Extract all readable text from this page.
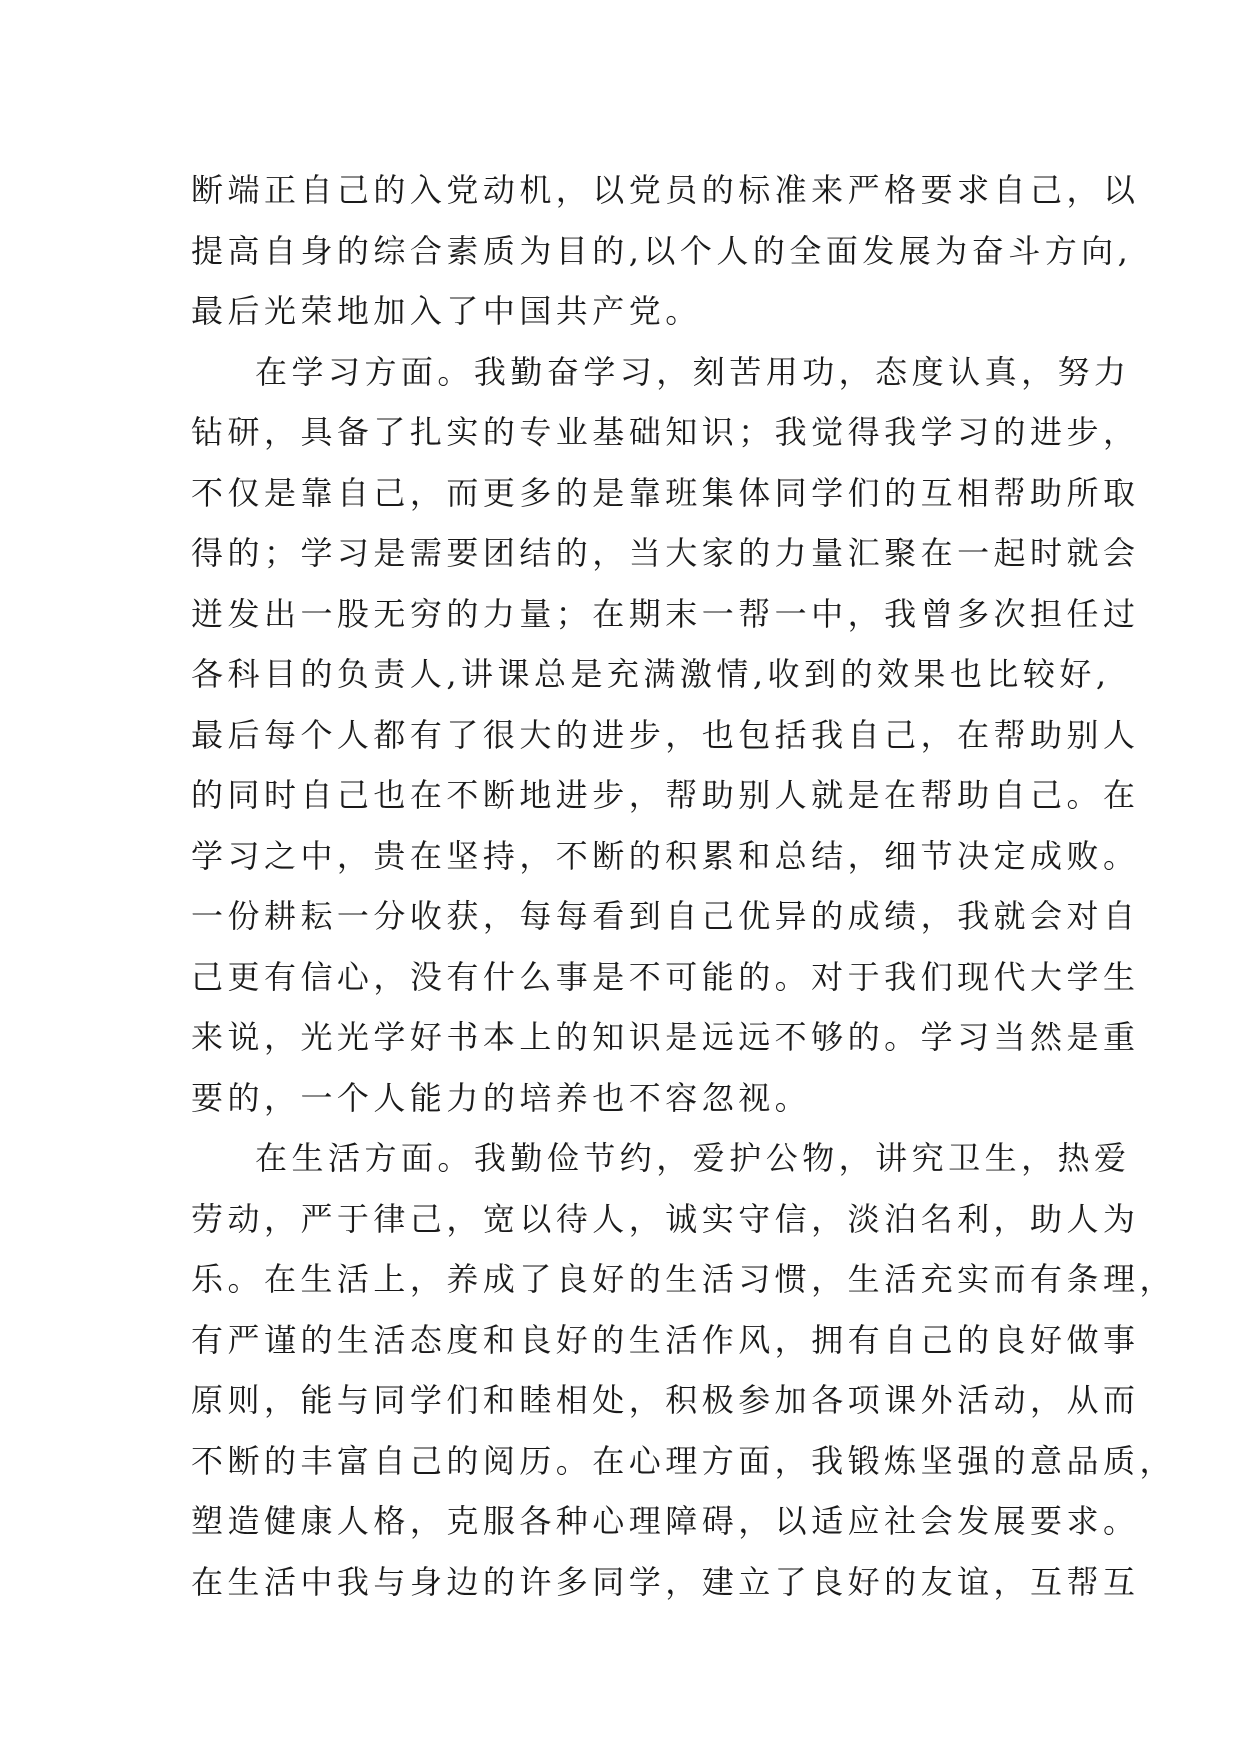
断端正自己的入党动机，以党员的标准来严格要求自己，以
提高自身的综合素质为目的,以个人的全面发展为奋斗方向,
最后光荣地加入了中国共产党。
在学习方面。我勤奋学习，刻苦用功，态度认真，努力
钻研，具备了扎实的专业基础知识；我觉得我学习的进步，
不仅是靠自己，而更多的是靠班集体同学们的互相帮助所取
得的；学习是需要团结的，当大家的力量汇聚在一起时就会
迸发出一股无穷的力量；在期末一帮一中，我曾多次担任过
各科目的负责人,讲课总是充满激情,收到的效果也比较好,
最后每个人都有了很大的进步，也包括我自己，在帮助别人
的同时自己也在不断地进步，帮助别人就是在帮助自己。在
学习之中，贵在坚持，不断的积累和总结，细节决定成败。
一份耕耘一分收获，每每看到自己优异的成绩，我就会对自
己更有信心，没有什么事是不可能的。对于我们现代大学生
来说，光光学好书本上的知识是远远不够的。学习当然是重
要的，一个人能力的培养也不容忽视。
在生活方面。我勤俭节约，爱护公物，讲究卫生，热爱
劳动，严于律己，宽以待人，诚实守信，淡泊名利，助人为
乐。在生活上，养成了良好的生活习惯，生活充实而有条理，
有严谨的生活态度和良好的生活作风，拥有自己的良好做事
原则，能与同学们和睦相处，积极参加各项课外活动，从而
不断的丰富自己的阅历。在心理方面，我锻炼坚强的意品质，
塑造健康人格，克服各种心理障碍，以适应社会发展要求。
在生活中我与身边的许多同学，建立了良好的友谊，互帮互
